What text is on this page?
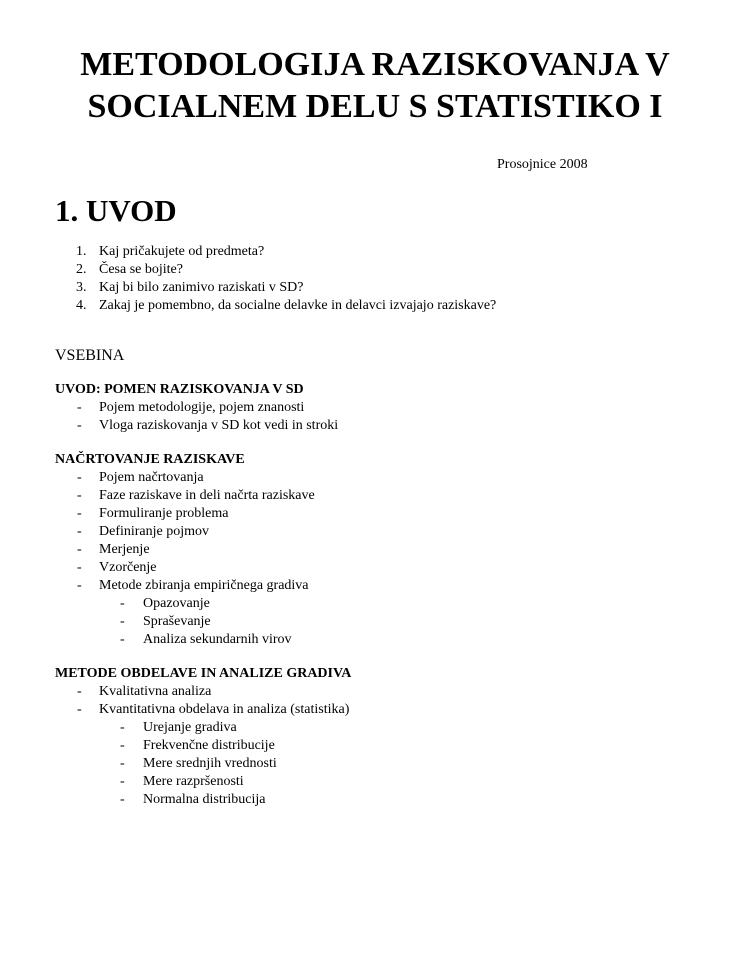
METODOLOGIJA RAZISKOVANJA V
SOCIALNEM DELU S STATISTIKO I

Prosojnice 2008

1. UVOD
1. Kaj pričakujete od predmeta?
2. Česa se bojite?
3. Kaj bi bilo zanimivo raziskati v SD?
4. Zakaj je pomembno, da socialne delavke in delavci izvajajo raziskave?

VSEBINA

UVOD: POMEN RAZISKOVANJA V SD

- Pojem metodologije, pojem znanosti
- Vloga raziskovanja v SD kot vedi in stroki

NAČRTOVANJE RAZISKAVE

- Pojem načrtovanja
- Faze raziskave in deli načrta raziskave
- Formuliranje problema
- Definiranje pojmov
- Merjenje
- Vzorčenje
- Metode zbiranja empiričnega gradiva
- Opazovanje
- Spraševanje
- Analiza sekundarnih virov

METODE OBDELAVE IN ANALIZE GRADIVA

- Kvalitativna analiza
- Kvantitativna obdelava in analiza (statistika)
- Urejanje gradiva
- Frekvenčne distribucije
- Mere srednjih vrednosti
- Mere razpršenosti
- Normalna distribucija
